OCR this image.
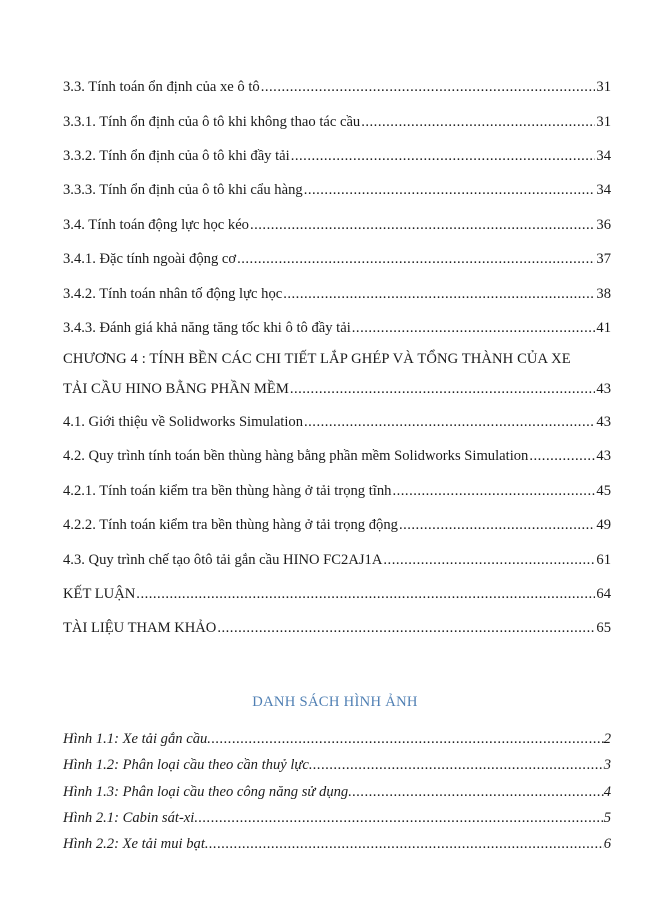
3.3. Tính toán ổn định của xe ô tô .....	31
3.3.1. Tính ổn định của ô tô khi không thao tác cầu .....	31
3.3.2. Tính ổn định của ô tô khi đầy tải .....	34
3.3.3. Tính ổn định của ô tô khi cẩu hàng .....	34
3.4. Tính toán động lực học kéo .....	36
3.4.1. Đặc tính ngoài động cơ .....	37
3.4.2. Tính toán nhân tố động lực học .....	38
3.4.3. Đánh giá khả năng tăng tốc khi ô tô đầy tải .....	41
CHƯƠNG 4 : TÍNH BỀN CÁC CHI TIẾT LẮP GHÉP VÀ TỔNG THÀNH CỦA XE
TẢI CẦU HINO BẰNG PHẦN MỀM .....	43
4.1. Giới thiệu về Solidworks Simulation .....	43
4.2. Quy trình tính toán bền thùng hàng bằng phần mềm Solidworks Simulation .....	43
4.2.1. Tính toán kiểm tra bền thùng hàng ở tải trọng tĩnh .....	45
4.2.2. Tính toán kiểm tra bền thùng hàng ở tải trọng động .....	49
4.3. Quy trình chế tạo ôtô tải gắn cầu HINO FC2AJ1A .....	61
KẾT LUẬN .....	64
TÀI LIỆU THAM KHẢO .....	65
DANH SÁCH HÌNH ẢNH
Hình 1.1: Xe tải gắn cầu .....	2
Hình 1.2: Phân loại cầu theo cần thuỷ lực .....	3
Hình 1.3: Phân loại cầu theo công năng sử dụng .....	4
Hình 2.1: Cabin sát-xi .....	5
Hình 2.2: Xe tải mui bạt .....	6
